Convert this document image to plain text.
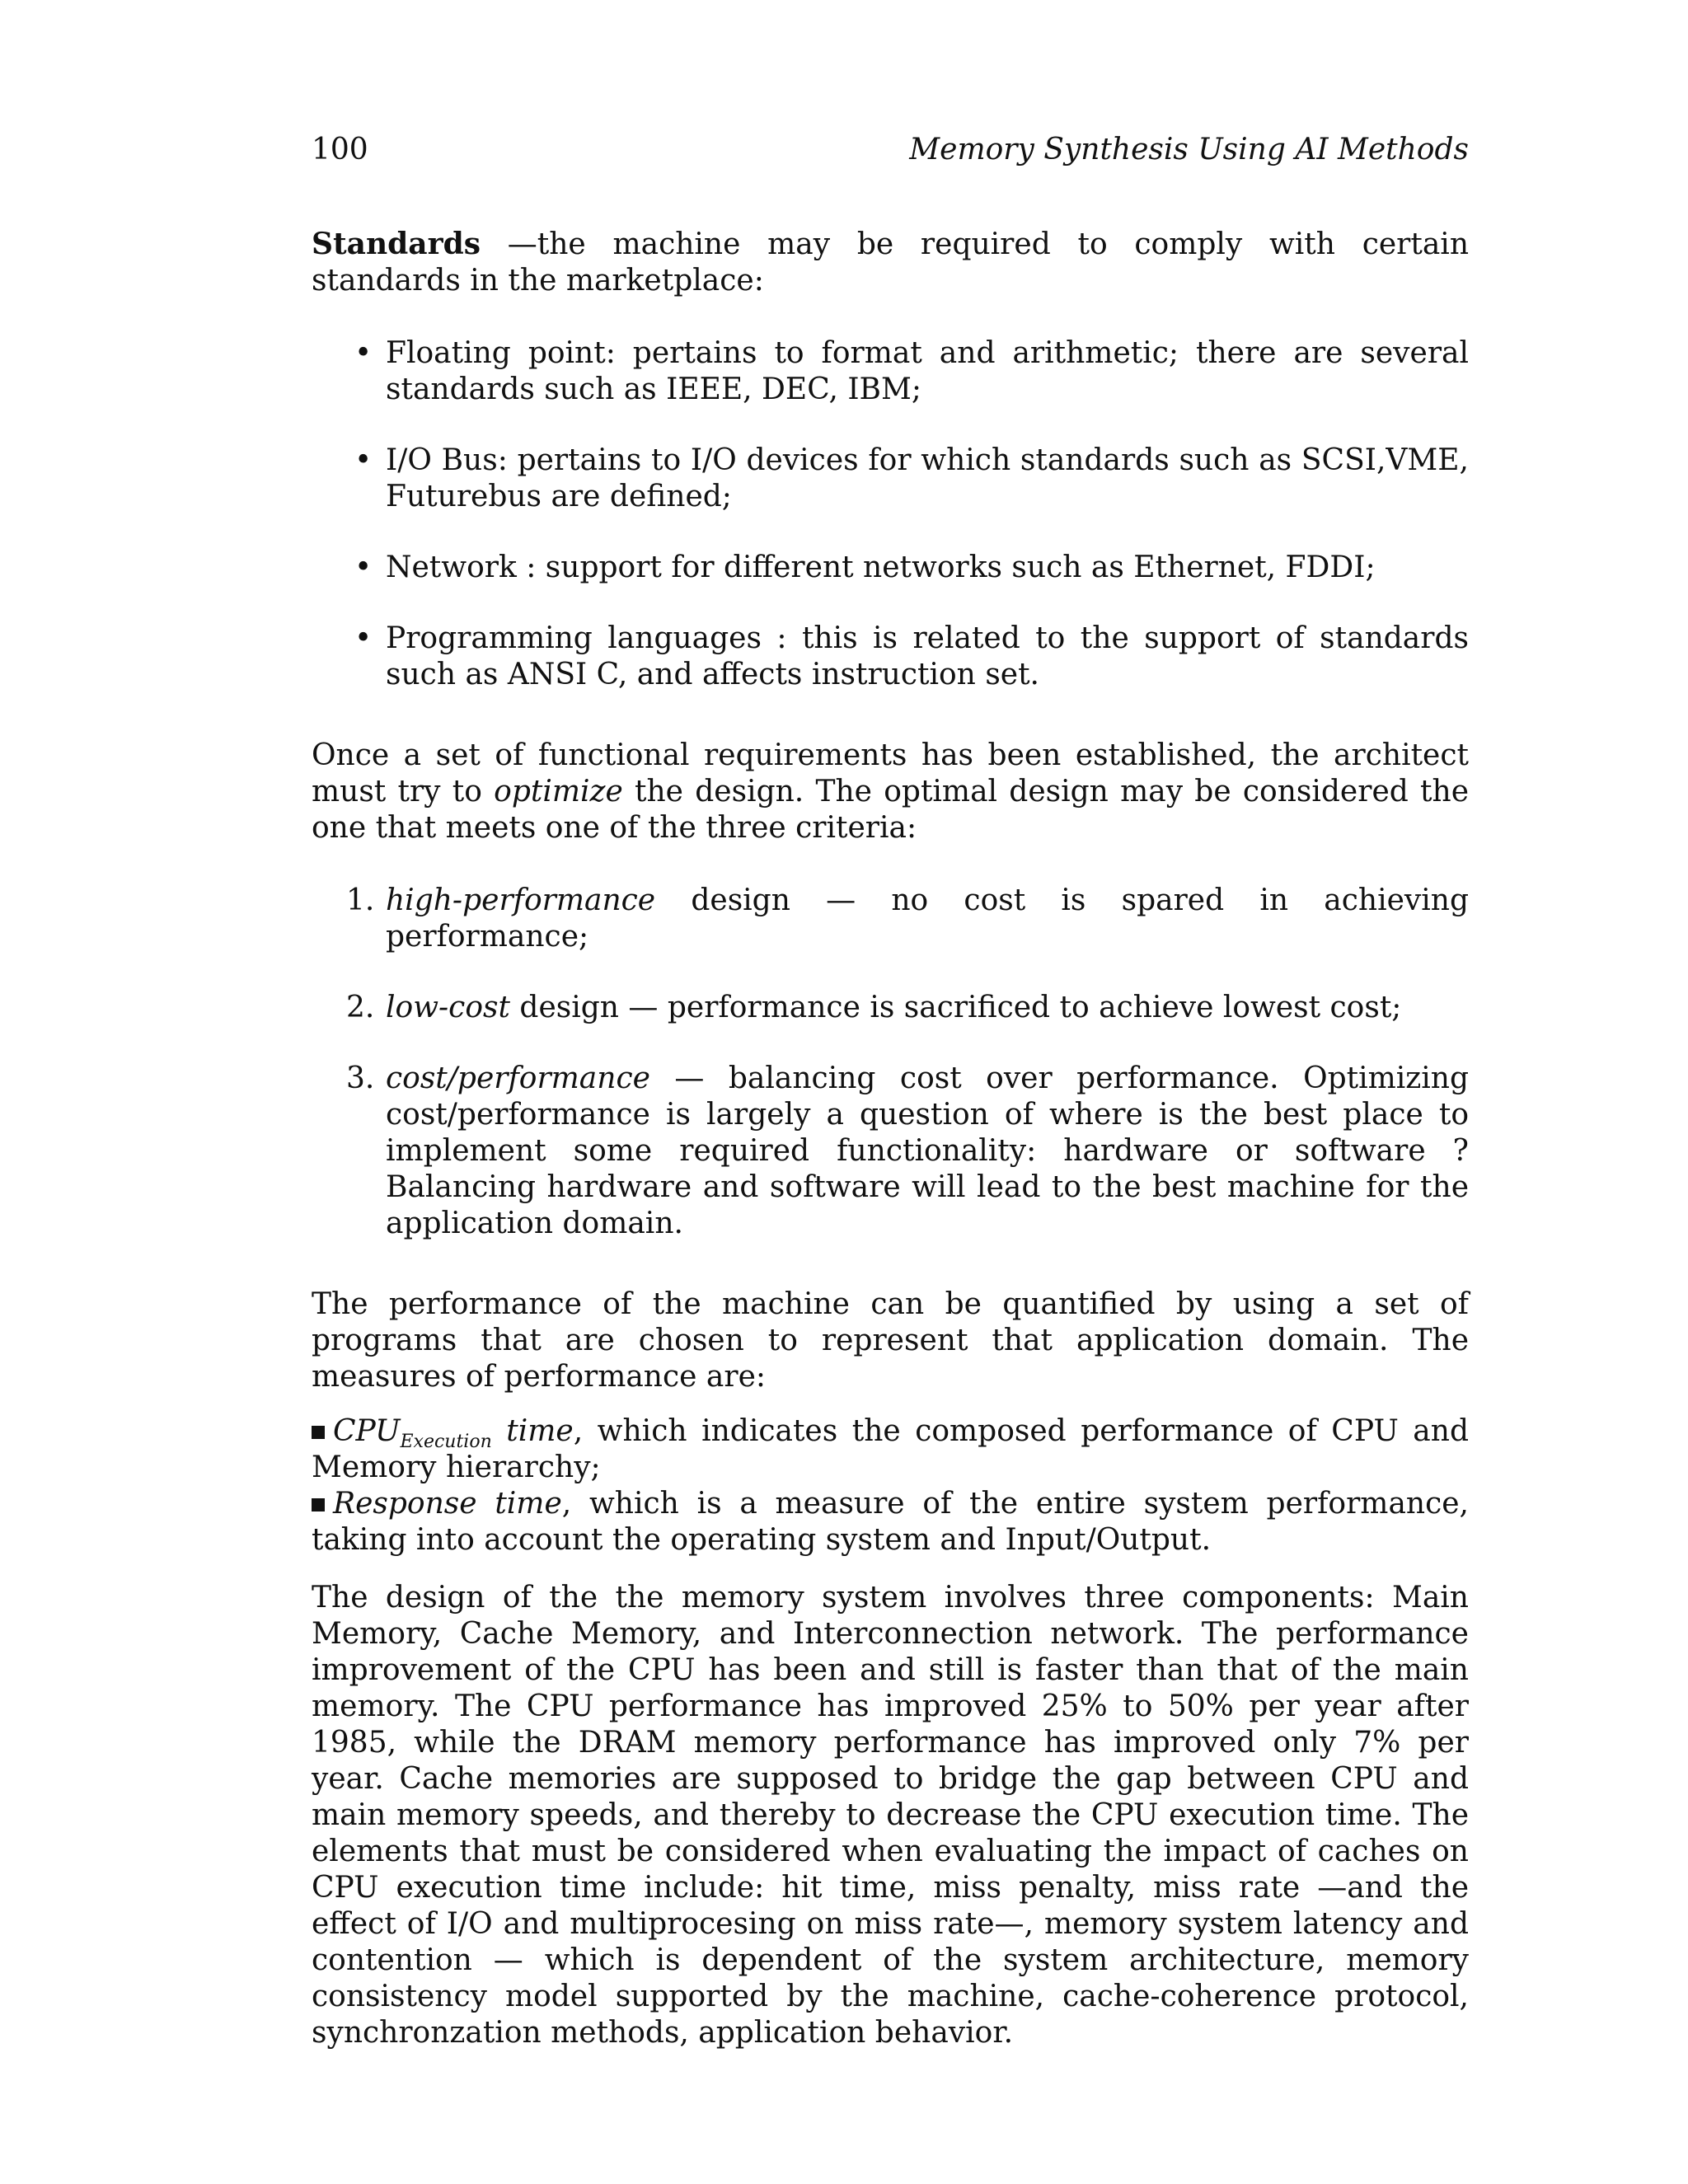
100	Memory Synthesis Using AI Methods

Standards —the machine may be required to comply with certain standards in the marketplace:

• Floating point: pertains to format and arithmetic; there are several standards such as IEEE, DEC, IBM;
• I/O Bus: pertains to I/O devices for which standards such as SCSI,VME, Futurebus are defined;
• Network : support for different networks such as Ethernet, FDDI;
• Programming languages : this is related to the support of standards such as ANSI C, and affects instruction set.

Once a set of functional requirements has been established, the architect must try to optimize the design. The optimal design may be considered the one that meets one of the three criteria:

1. high-performance design — no cost is spared in achieving performance;
2. low-cost design — performance is sacrificed to achieve lowest cost;
3. cost/performance — balancing cost over performance. Optimizing cost/performance is largely a question of where is the best place to implement some required functionality: hardware or software ? Balancing hardware and software will lead to the best machine for the application domain.

The performance of the machine can be quantified by using a set of programs that are chosen to represent that application domain. The measures of performance are:

$CPU_{Execution}$ time, which indicates the composed performance of CPU and Memory hierarchy;

Response time, which is a measure of the entire system performance, taking into account the operating system and Input/Output.

The design of the the memory system involves three components: Main Memory, Cache Memory, and Interconnection network. The performance improvement of the CPU has been and still is faster than that of the main memory. The CPU performance has improved 25% to 50% per year after 1985, while the DRAM memory performance has improved only 7% per year. Cache memories are supposed to bridge the gap between CPU and main memory speeds, and thereby to decrease the CPU execution time. The elements that must be considered when evaluating the impact of caches on CPU execution time include: hit time, miss penalty, miss rate —and the effect of I/O and multiprocesing on miss rate—, memory system latency and contention — which is dependent of the system architecture, memory consistency model supported by the machine, cache-coherence protocol, synchronzation methods, application behavior.
